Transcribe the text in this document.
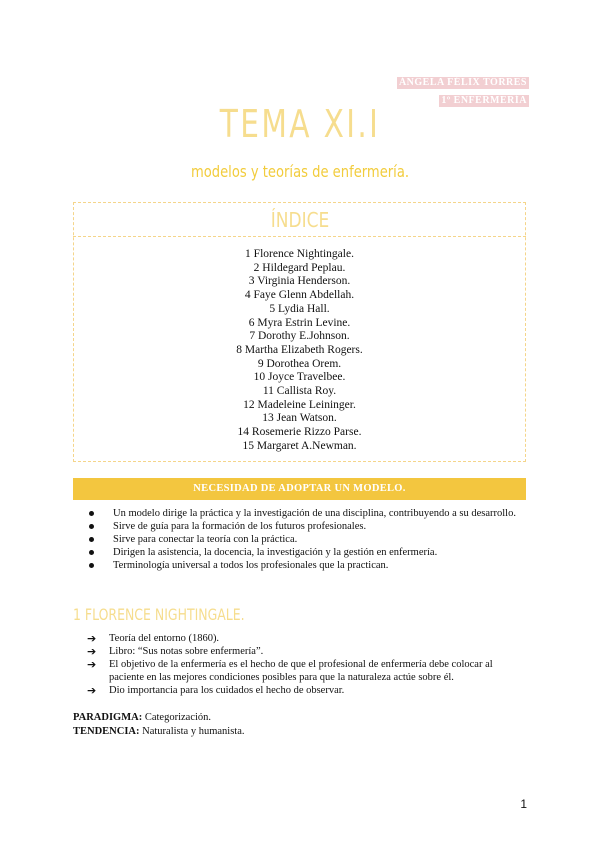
ÁNGELA FÉLIX TORRES
1º ENFERMERÍA
TEMA XI.I
modelos y teorías de enfermería.
ÍNDICE
1 Florence Nightingale.
2 Hildegard Peplau.
3 Virginia Henderson.
4 Faye Glenn Abdellah.
5 Lydia Hall.
6 Myra Estrin Levine.
7 Dorothy E.Johnson.
8 Martha Elizabeth Rogers.
9 Dorothea Orem.
10 Joyce Travelbee.
11 Callista Roy.
12 Madeleine Leininger.
13 Jean Watson.
14 Rosemerie Rizzo Parse.
15 Margaret A.Newman.
NECESIDAD DE ADOPTAR UN MODELO.
Un modelo dirige la práctica y la investigación de una disciplina, contribuyendo a su desarrollo.
Sirve de guía para la formación de los futuros profesionales.
Sirve para conectar la teoría con la práctica.
Dirigen la asistencia, la docencia, la investigación y la gestión en enfermería.
Terminología universal a todos los profesionales que la practican.
1 FLORENCE NIGHTINGALE.
➔ Teoría del entorno (1860).
➔ Libro: “Sus notas sobre enfermería”.
➔ El objetivo de la enfermería es el hecho de que el profesional de enfermería debe colocar al paciente en las mejores condiciones posibles para que la naturaleza actúe sobre él.
➔ Dio importancia para los cuidados el hecho de observar.
PARADIGMA: Categorización.
TENDENCIA: Naturalista y humanista.
1
